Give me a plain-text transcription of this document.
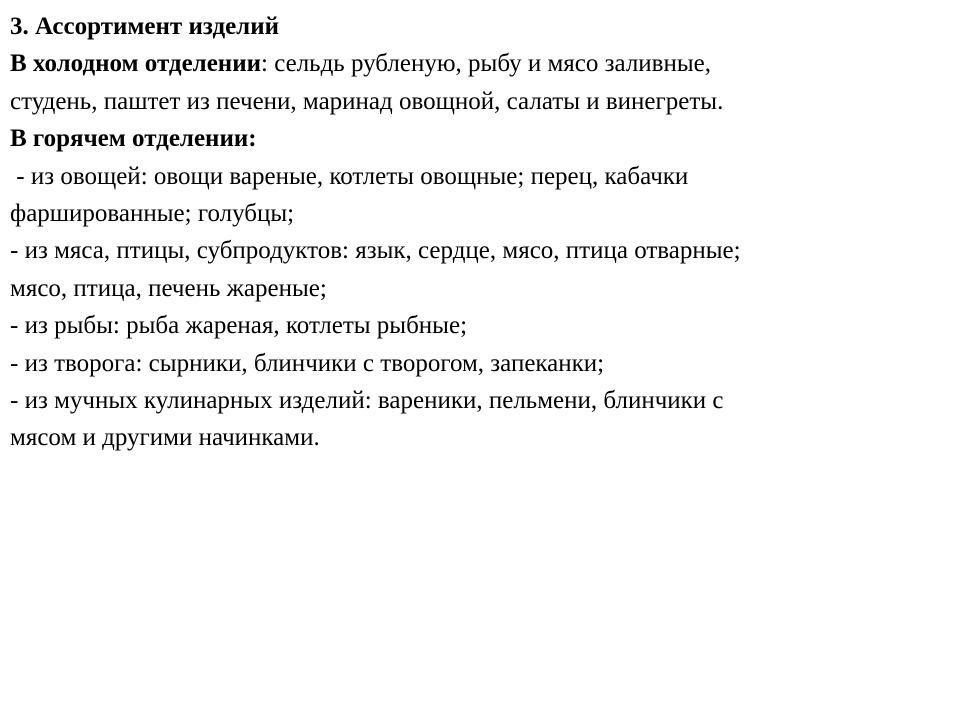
3. Ассортимент изделий
В холодном отделении: сельдь рубленую, рыбу и мясо заливные,
студень, паштет из печени, маринад овощной, салаты и винегреты.
В горячем отделении:
- из овощей: овощи вареные, котлеты овощные; перец, кабачки
фаршированные; голубцы;
- из мяса, птицы, субпродуктов: язык, сердце, мясо, птица отварные;
мясо, птица, печень жареные;
- из рыбы: рыба жареная, котлеты рыбные;
- из творога: сырники, блинчики с творогом, запеканки;
- из мучных кулинарных изделий: вареники, пельмени, блинчики с
мясом и другими начинками.
